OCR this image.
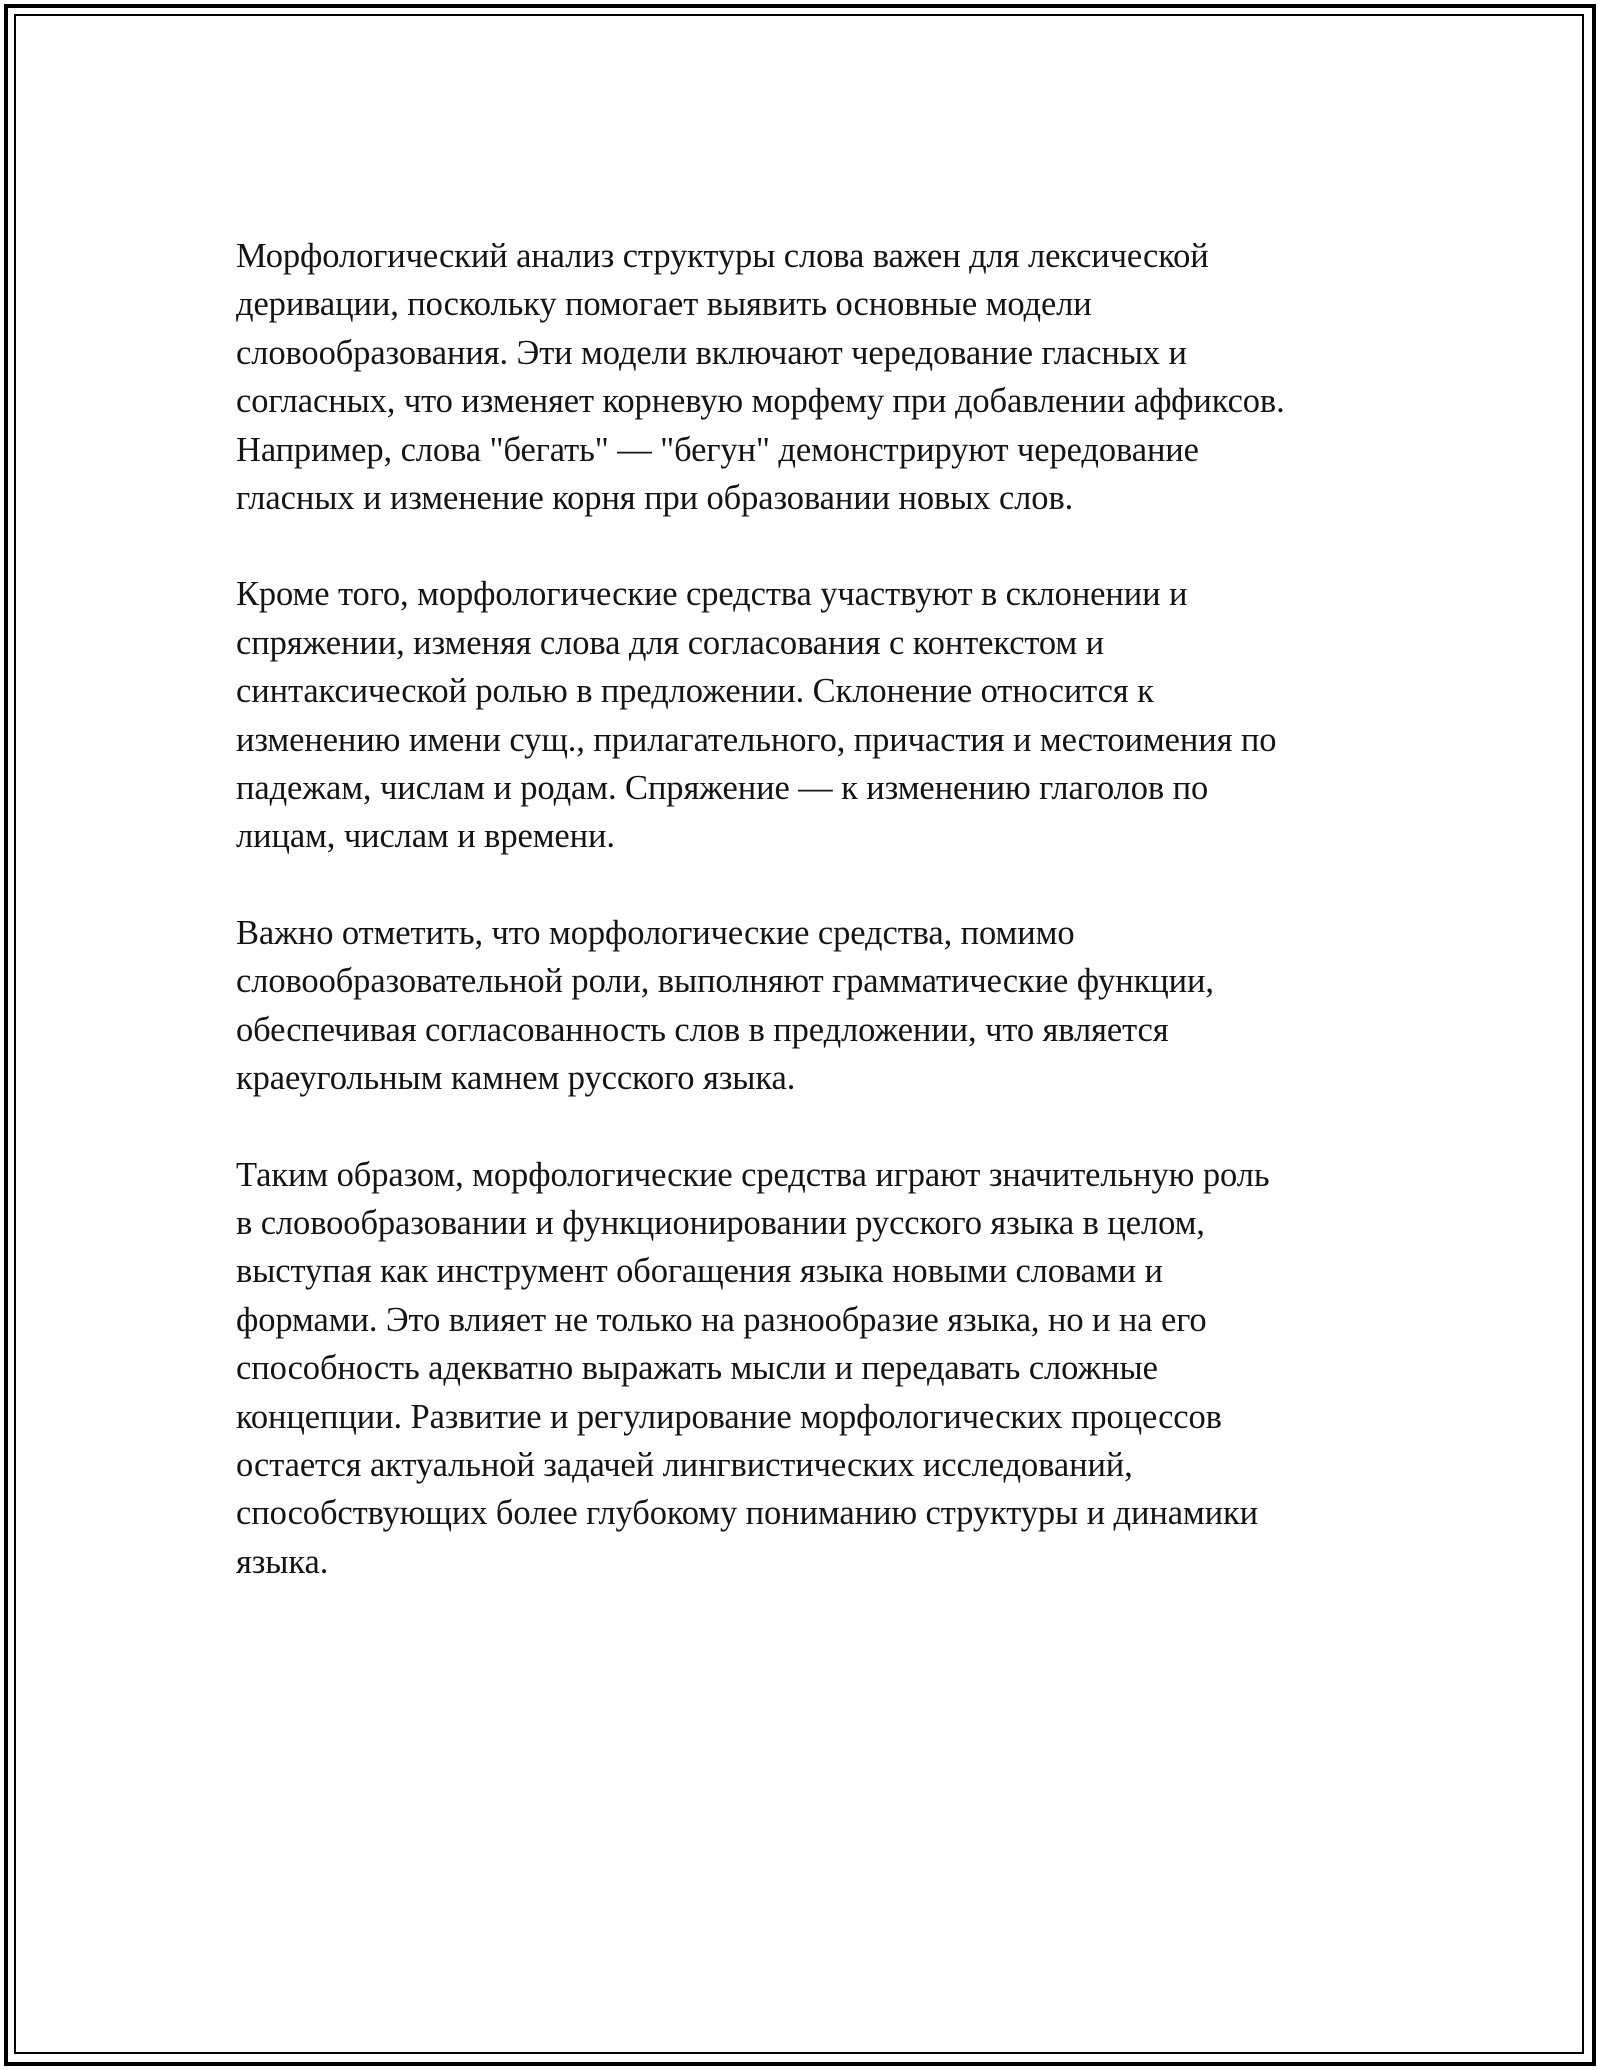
Морфологический анализ структуры слова важен для лексической
деривации, поскольку помогает выявить основные модели
словообразования. Эти модели включают чередование гласных и
согласных, что изменяет корневую морфему при добавлении аффиксов.
Например, слова "бегать" — "бегун" демонстрируют чередование
гласных и изменение корня при образовании новых слов.

Кроме того, морфологические средства участвуют в склонении и
спряжении, изменяя слова для согласования с контекстом и
синтаксической ролью в предложении. Склонение относится к
изменению имени сущ., прилагательного, причастия и местоимения по
падежам, числам и родам. Спряжение — к изменению глаголов по
лицам, числам и времени.

Важно отметить, что морфологические средства, помимо
словообразовательной роли, выполняют грамматические функции,
обеспечивая согласованность слов в предложении, что является
краеугольным камнем русского языка.

Таким образом, морфологические средства играют значительную роль
в словообразовании и функционировании русского языка в целом,
выступая как инструмент обогащения языка новыми словами и
формами. Это влияет не только на разнообразие языка, но и на его
способность адекватно выражать мысли и передавать сложные
концепции. Развитие и регулирование морфологических процессов
остается актуальной задачей лингвистических исследований,
способствующих более глубокому пониманию структуры и динамики
языка.
